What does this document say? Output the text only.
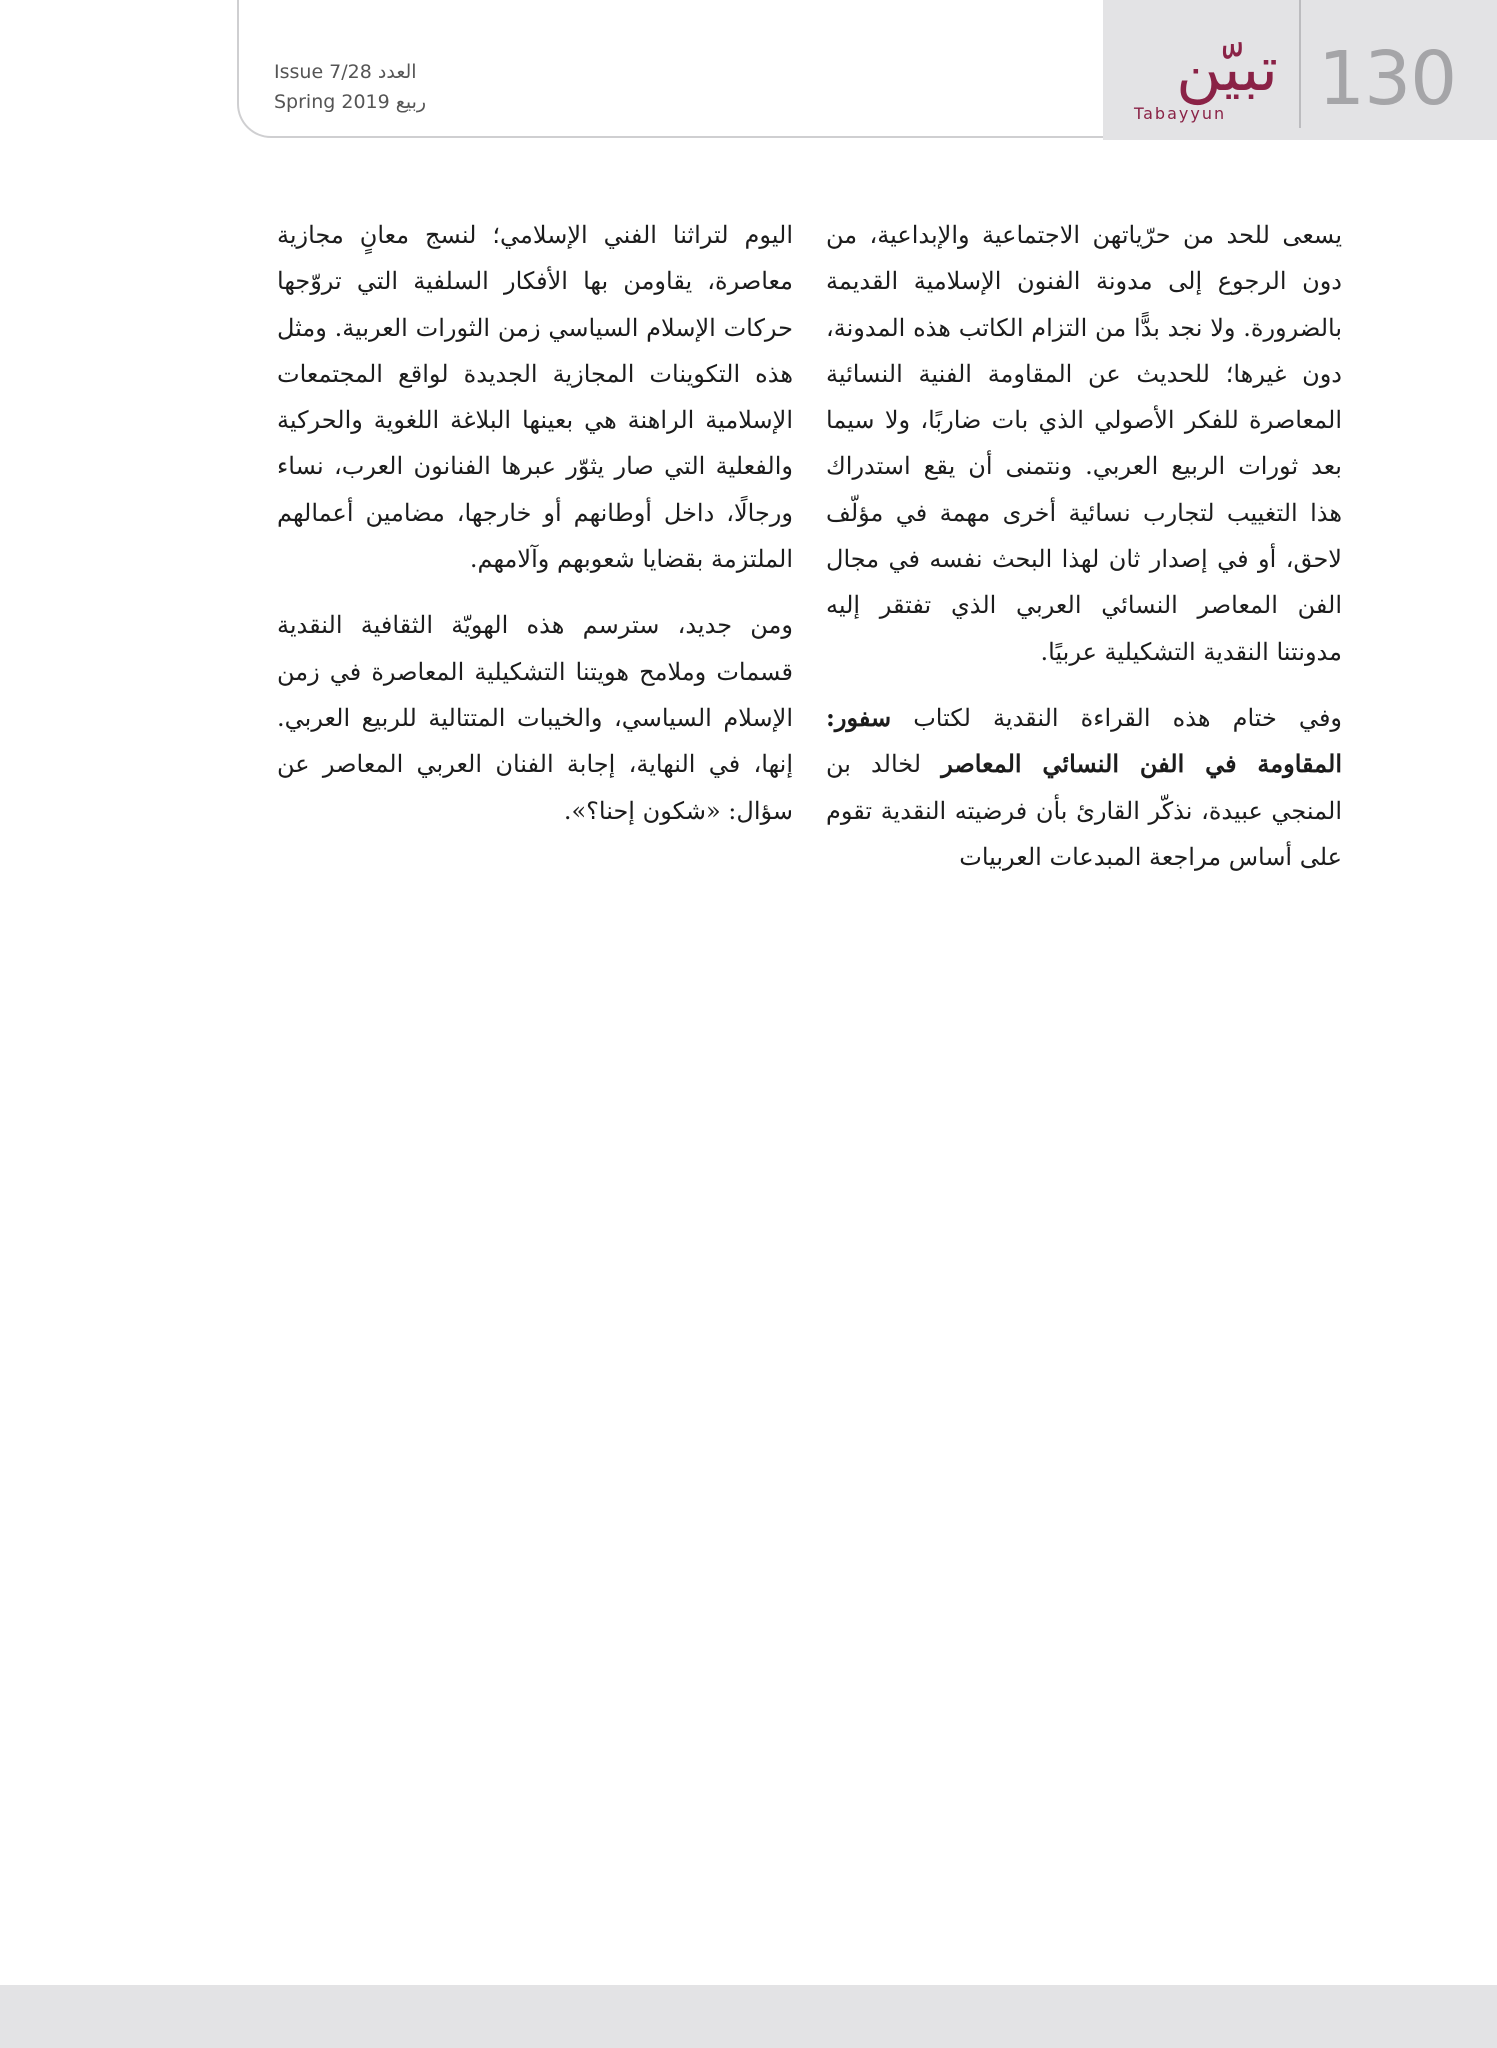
130
تبيّن
Tabayyun
Issue 7/28 العدد
Spring 2019 ربيع

يسعى للحد من حرّياتهن الاجتماعية والإبداعية، من دون الرجوع إلى مدونة الفنون الإسلامية القديمة بالضرورة. ولا نجد بدًّا من التزام الكاتب هذه المدونة، دون غيرها؛ للحديث عن المقاومة الفنية النسائية المعاصرة للفكر الأصولي الذي بات ضاربًا، ولا سيما بعد ثورات الربيع العربي. ونتمنى أن يقع استدراك هذا التغييب لتجارب نسائية أخرى مهمة في مؤلّف لاحق، أو في إصدار ثان لهذا البحث نفسه في مجال الفن المعاصر النسائي العربي الذي تفتقر إليه مدونتنا النقدية التشكيلية عربيًا.

وفي ختام هذه القراءة النقدية لكتاب سفور: المقاومة في الفن النسائي المعاصر لخالد بن المنجي عبيدة، نذكّر القارئ بأن فرضيته النقدية تقوم على أساس مراجعة المبدعات العربيات

اليوم لتراثنا الفني الإسلامي؛ لنسج معانٍ مجازية معاصرة، يقاومن بها الأفكار السلفية التي تروّجها حركات الإسلام السياسي زمن الثورات العربية. ومثل هذه التكوينات المجازية الجديدة لواقع المجتمعات الإسلامية الراهنة هي بعينها البلاغة اللغوية والحركية والفعلية التي صار يثوّر عبرها الفنانون العرب، نساء ورجالًا، داخل أوطانهم أو خارجها، مضامين أعمالهم الملتزمة بقضايا شعوبهم وآلامهم.

ومن جديد، سترسم هذه الهويّة الثقافية النقدية قسمات وملامح هويتنا التشكيلية المعاصرة في زمن الإسلام السياسي، والخيبات المتتالية للربيع العربي. إنها، في النهاية، إجابة الفنان العربي المعاصر عن سؤال: «شكون إحنا؟».
